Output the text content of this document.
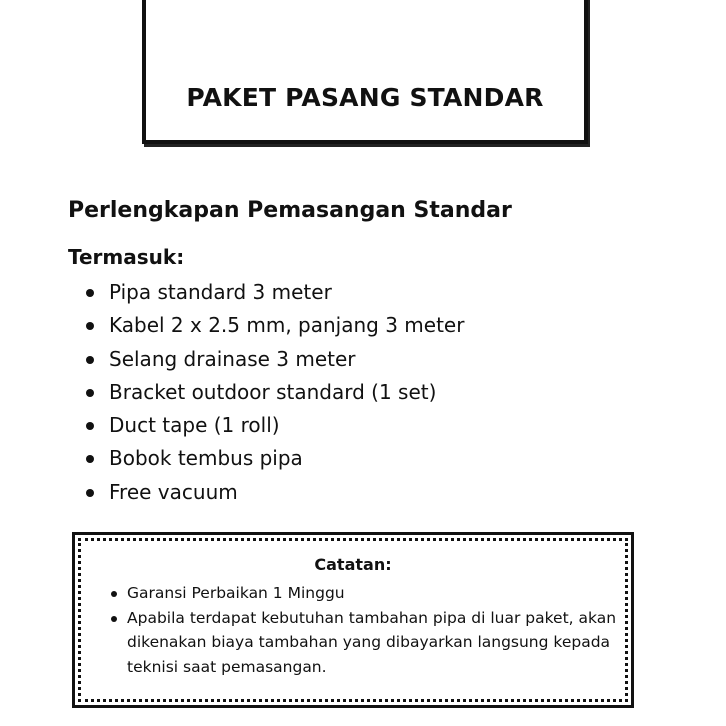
PAKET PASANG STANDAR
Perlengkapan Pemasangan Standar
Termasuk:
Pipa standard 3 meter
Kabel 2 x 2.5 mm, panjang 3 meter
Selang drainase 3 meter
Bracket outdoor standard (1 set)
Duct tape (1 roll)
Bobok tembus pipa
Free vacuum
Catatan:
Garansi Perbaikan 1 Minggu
Apabila terdapat kebutuhan tambahan pipa di luar paket, akan dikenakan biaya tambahan yang dibayarkan langsung kepada teknisi saat pemasangan.
